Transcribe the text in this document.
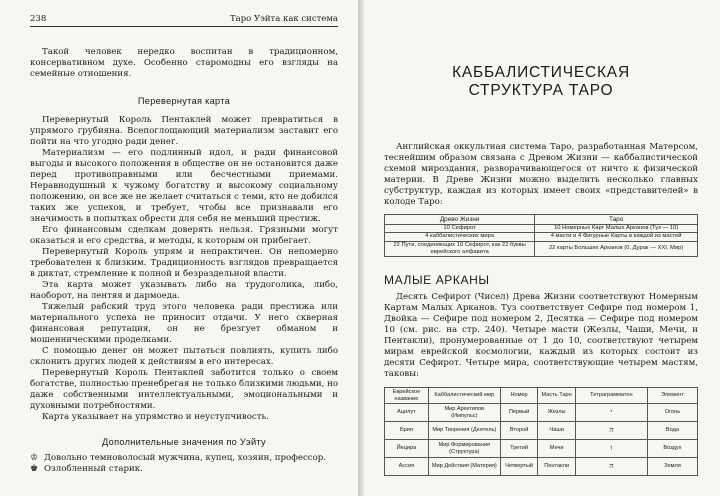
238	Таро Уэйта как система

Такой человек нередко воспитан в традиционном, консервативном духе. Особенно старомодны его взгляды на семейные отношения.

Перевернутая карта

Перевернутый Король Пентаклей может превратиться в упрямого грубияна. Всепоглощающий материализм заставит его пойти на что угодно ради денег.

Материализм — его подлинный идол, и ради финансовой выгоды и высокого положения в обществе он не остановится даже перед противоправными или бесчестными приемами. Неравнодушный к чужому богатству и высокому социальному положению, он все же не желает считаться с теми, кто не добился таких же успехов, и требует, чтобы все признавали его значимость в попытках обрести для себя не меньший престиж.

Его финансовым сделкам доверять нельзя. Грязными могут оказаться и его средства, и методы, к которым он прибегает.

Перевернутый Король упрям и непрактичен. Он непомерно требователен к близким. Традиционность взглядов превращается в диктат, стремление к полной и безраздельной власти.

Эта карта может указывать либо на трудоголика, либо, наоборот, на лентяя и дармоеда.

Тяжелый рабский труд этого человека ради престижа или материального успеха не приносит отдачи. У него скверная финансовая репутация, он не брезгует обманом и мошенническими проделками.

С помощью денег он может пытаться повлиять, купить либо склонить других людей к действиям в его интересах.

Перевернутый Король Пентаклей заботится только о своем богатстве, полностью пренебрегая не только близкими людьми, но даже собственными интеллектуальными, эмоциональными и духовными потребностями.

Карта указывает на упрямство и неуступчивость.

Дополнительные значения по Уэйту
♔ Довольно темноволосый мужчина, купец, хозяин, профессор.
♚ Озлобленный старик.
КАББАЛИСТИЧЕСКАЯ
СТРУКТУРА ТАРО

Английская оккультная система Таро, разработанная Матерсом, теснейшим образом связана с Древом Жизни — каббалистической схемой мироздания, разворачивающегося от ничто к физической материи. В Древе Жизни можно выделить несколько главных субструктур, каждая из которых имеет своих «представителей» в колоде Таро:

Древо Жизни	Таро
10 Сефирот	10 Номерных Карт Малых Арканов (Туз — 10)
4 каббалистических мира	4 масти и 4 Фигурные Карты в каждой из мастей
22 Пути, соединяющих 10 Сефирот, как 22 буквы еврейского алфавита	22 карты Больших Арканов (0, Дурак — XXI, Мир)
МАЛЫЕ АРКАНЫ

Десять Сефирот (Чисел) Древа Жизни соответствуют Номерным Картам Малых Арканов. Туз соответствует Сефире под номером 1, Двойка — Сефире под номером 2, Десятка — Сефире под номером 10 (см. рис. на стр. 240). Четыре масти (Жезлы, Чаши, Мечи, и Пентакли), пронумерованные от 1 до 10, соответствуют четырем мирам еврейской космологии, каждый из которых состоит из десяти Сефирот. Четыре мира, соответствующие четырем мастям, таковы:

Еврейское название	Каббалистический мир	Номер	Масть Таро	Тетраграмматон	Элемент
Ацилут	Мир Архетипов (Импульс)	Первый	Жезлы	י	Огонь
Брия	Мир Творения (Деятель)	Второй	Чаши	ה	Вода
Йецира	Мир Формирования (Структура)	Третий	Мечи	ו	Воздух
Ассия	Мир Действия (Материя)	Четвертый	Пентакли	ה	Земля
